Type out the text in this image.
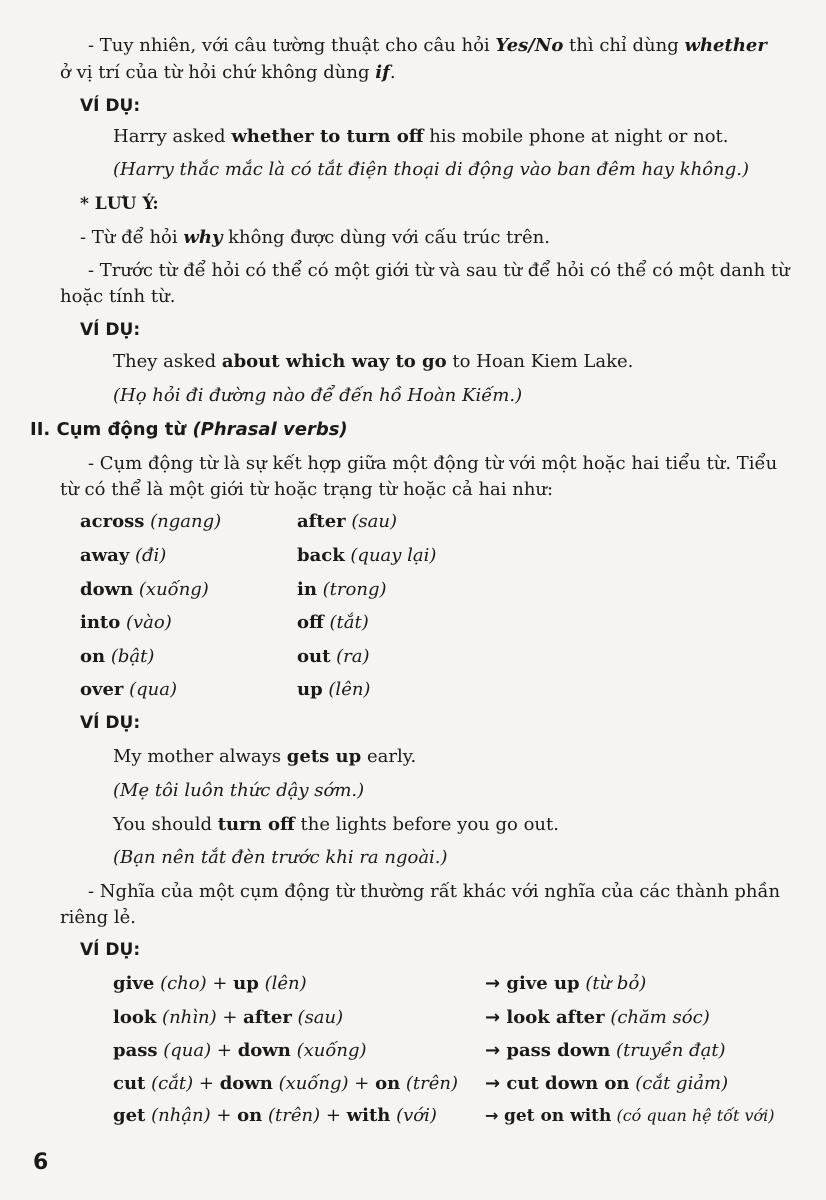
- Tuy nhiên, với câu tường thuật cho câu hỏi Yes/No thì chỉ dùng whether
ở vị trí của từ hỏi chứ không dùng if.
VÍ DỤ:
Harry asked whether to turn off his mobile phone at night or not.
(Harry thắc mắc là có tắt điện thoại di động vào ban đêm hay không.)
* LƯU Ý:
- Từ để hỏi why không được dùng với cấu trúc trên.
- Trước từ để hỏi có thể có một giới từ và sau từ để hỏi có thể có một danh từ
hoặc tính từ.
VÍ DỤ:
They asked about which way to go to Hoan Kiem Lake.
(Họ hỏi đi đường nào để đến hồ Hoàn Kiếm.)
II. Cụm động từ (Phrasal verbs)
- Cụm động từ là sự kết hợp giữa một động từ với một hoặc hai tiểu từ. Tiểu
từ có thể là một giới từ hoặc trạng từ hoặc cả hai như:
across (ngang)	after (sau)
away (đi)	back (quay lại)
down (xuống)	in (trong)
into (vào)	off (tắt)
on (bật)	out (ra)
over (qua)	up (lên)
VÍ DỤ:
My mother always gets up early.
(Mẹ tôi luôn thức dậy sớm.)
You should turn off the lights before you go out.
(Bạn nên tắt đèn trước khi ra ngoài.)
- Nghĩa của một cụm động từ thường rất khác với nghĩa của các thành phần
riêng lẻ.
VÍ DỤ:
give (cho) + up (lên)	→ give up (từ bỏ)
look (nhìn) + after (sau)	→ look after (chăm sóc)
pass (qua) + down (xuống)	→ pass down (truyền đạt)
cut (cắt) + down (xuống) + on (trên) → cut down on (cắt giảm)
get (nhận) + on (trên) + with (với)	→ get on with (có quan hệ tốt với)
6
